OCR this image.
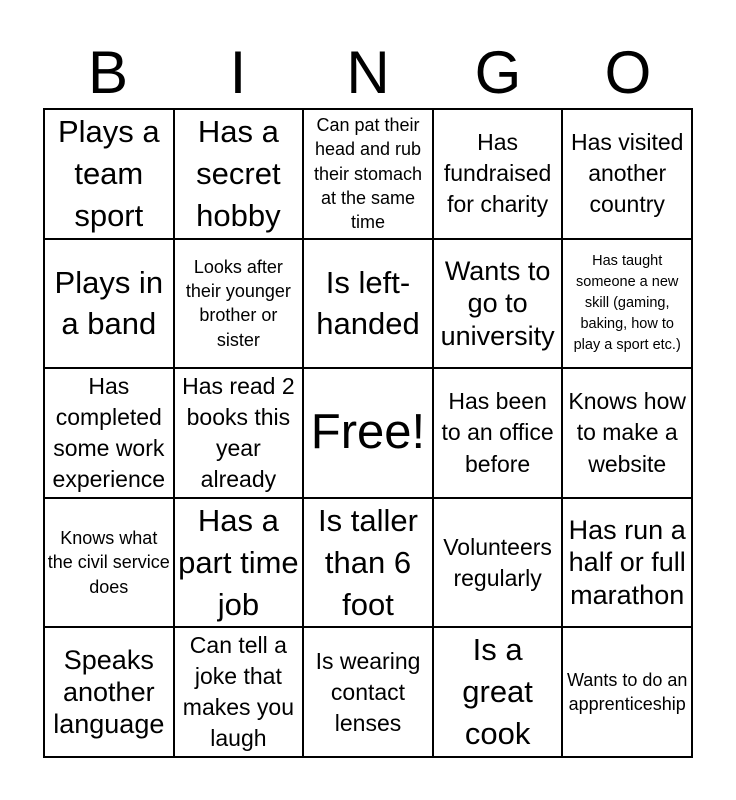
B	I	N	G	O
Plays a team sport
Has a secret hobby
Can pat their head and rub their stomach at the same time
Has fundraised for charity
Has visited another country
Plays in a band
Looks after their younger brother or sister
Is left-handed
Wants to go to university
Has taught someone a new skill (gaming, baking, how to play a sport etc.)
Has completed some work experience
Has read 2 books this year already
Free!
Has been to an office before
Knows how to make a website
Knows what the civil service does
Has a part time job
Is taller than 6 foot
Volunteers regularly
Has run a half or full marathon
Speaks another language
Can tell a joke that makes you laugh
Is wearing contact lenses
Is a great cook
Wants to do an apprenticeship
